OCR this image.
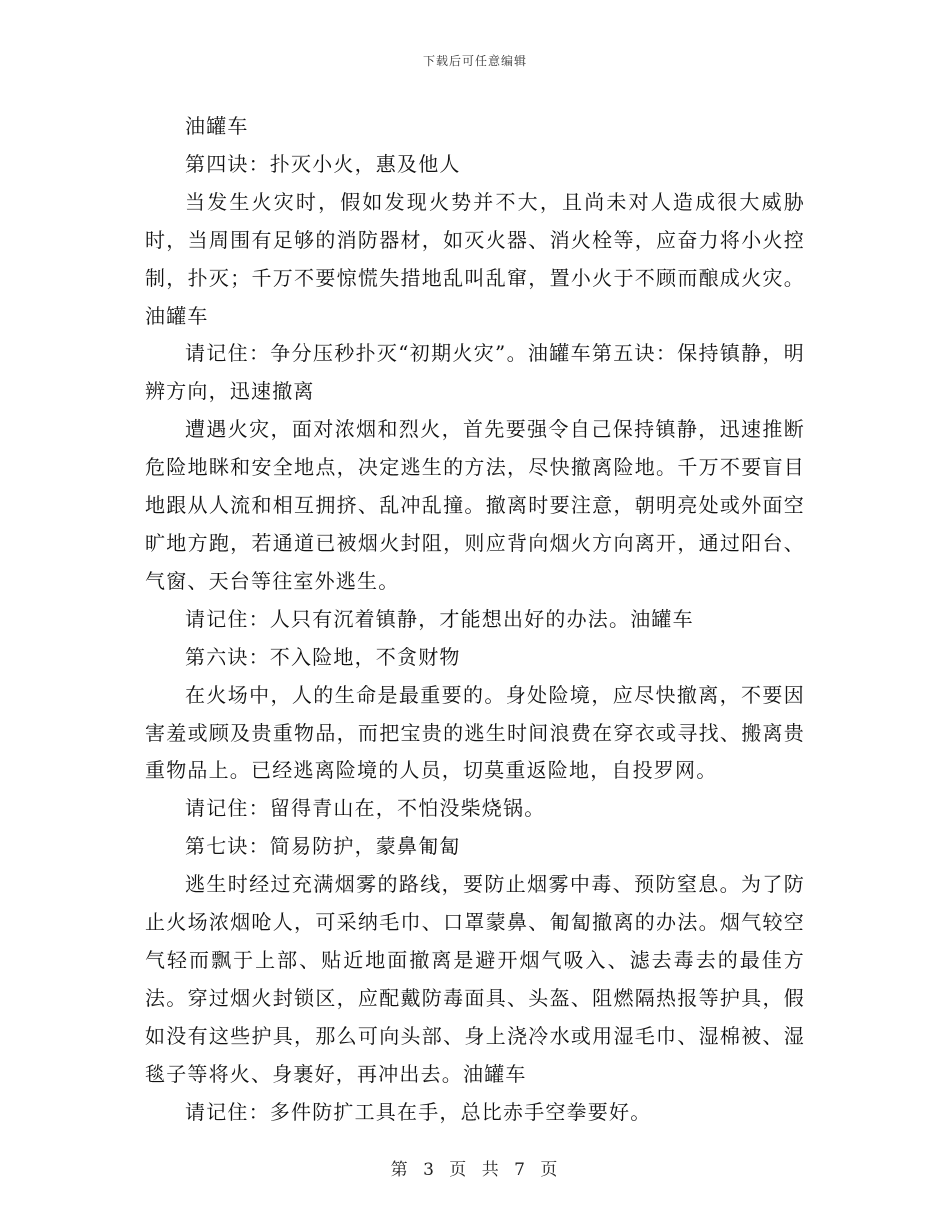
下载后可任意编辑

油罐车

第四诀：扑灭小火，惠及他人

当发生火灾时，假如发现火势并不大，且尚未对人造成很大威胁时，当周围有足够的消防器材，如灭火器、消火栓等，应奋力将小火控制，扑灭；千万不要惊慌失措地乱叫乱窜，置小火于不顾而酿成火灾。油罐车

请记住：争分压秒扑灭“初期火灾”。油罐车第五诀：保持镇静，明辨方向，迅速撤离

遭遇火灾，面对浓烟和烈火，首先要强令自己保持镇静，迅速推断危险地眯和安全地点，决定逃生的方法，尽快撤离险地。千万不要盲目地跟从人流和相互拥挤、乱冲乱撞。撤离时要注意，朝明亮处或外面空旷地方跑，若通道已被烟火封阻，则应背向烟火方向离开，通过阳台、气窗、天台等往室外逃生。

请记住：人只有沉着镇静，才能想出好的办法。油罐车

第六诀：不入险地，不贪财物

在火场中，人的生命是最重要的。身处险境，应尽快撤离，不要因害羞或顾及贵重物品，而把宝贵的逃生时间浪费在穿衣或寻找、搬离贵重物品上。已经逃离险境的人员，切莫重返险地，自投罗网。

请记住：留得青山在，不怕没柴烧锅。

第七诀：简易防护，蒙鼻匍匐

逃生时经过充满烟雾的路线，要防止烟雾中毒、预防窒息。为了防止火场浓烟呛人，可采纳毛巾、口罩蒙鼻、匍匐撤离的办法。烟气较空气轻而飘于上部、贴近地面撤离是避开烟气吸入、滤去毒去的最佳方法。穿过烟火封锁区，应配戴防毒面具、头盔、阻燃隔热报等护具，假如没有这些护具，那么可向头部、身上浇冷水或用湿毛巾、湿棉被、湿毯子等将火、身裹好，再冲出去。油罐车

请记住：多件防扩工具在手，总比赤手空拳要好。

第 3 页 共 7 页
